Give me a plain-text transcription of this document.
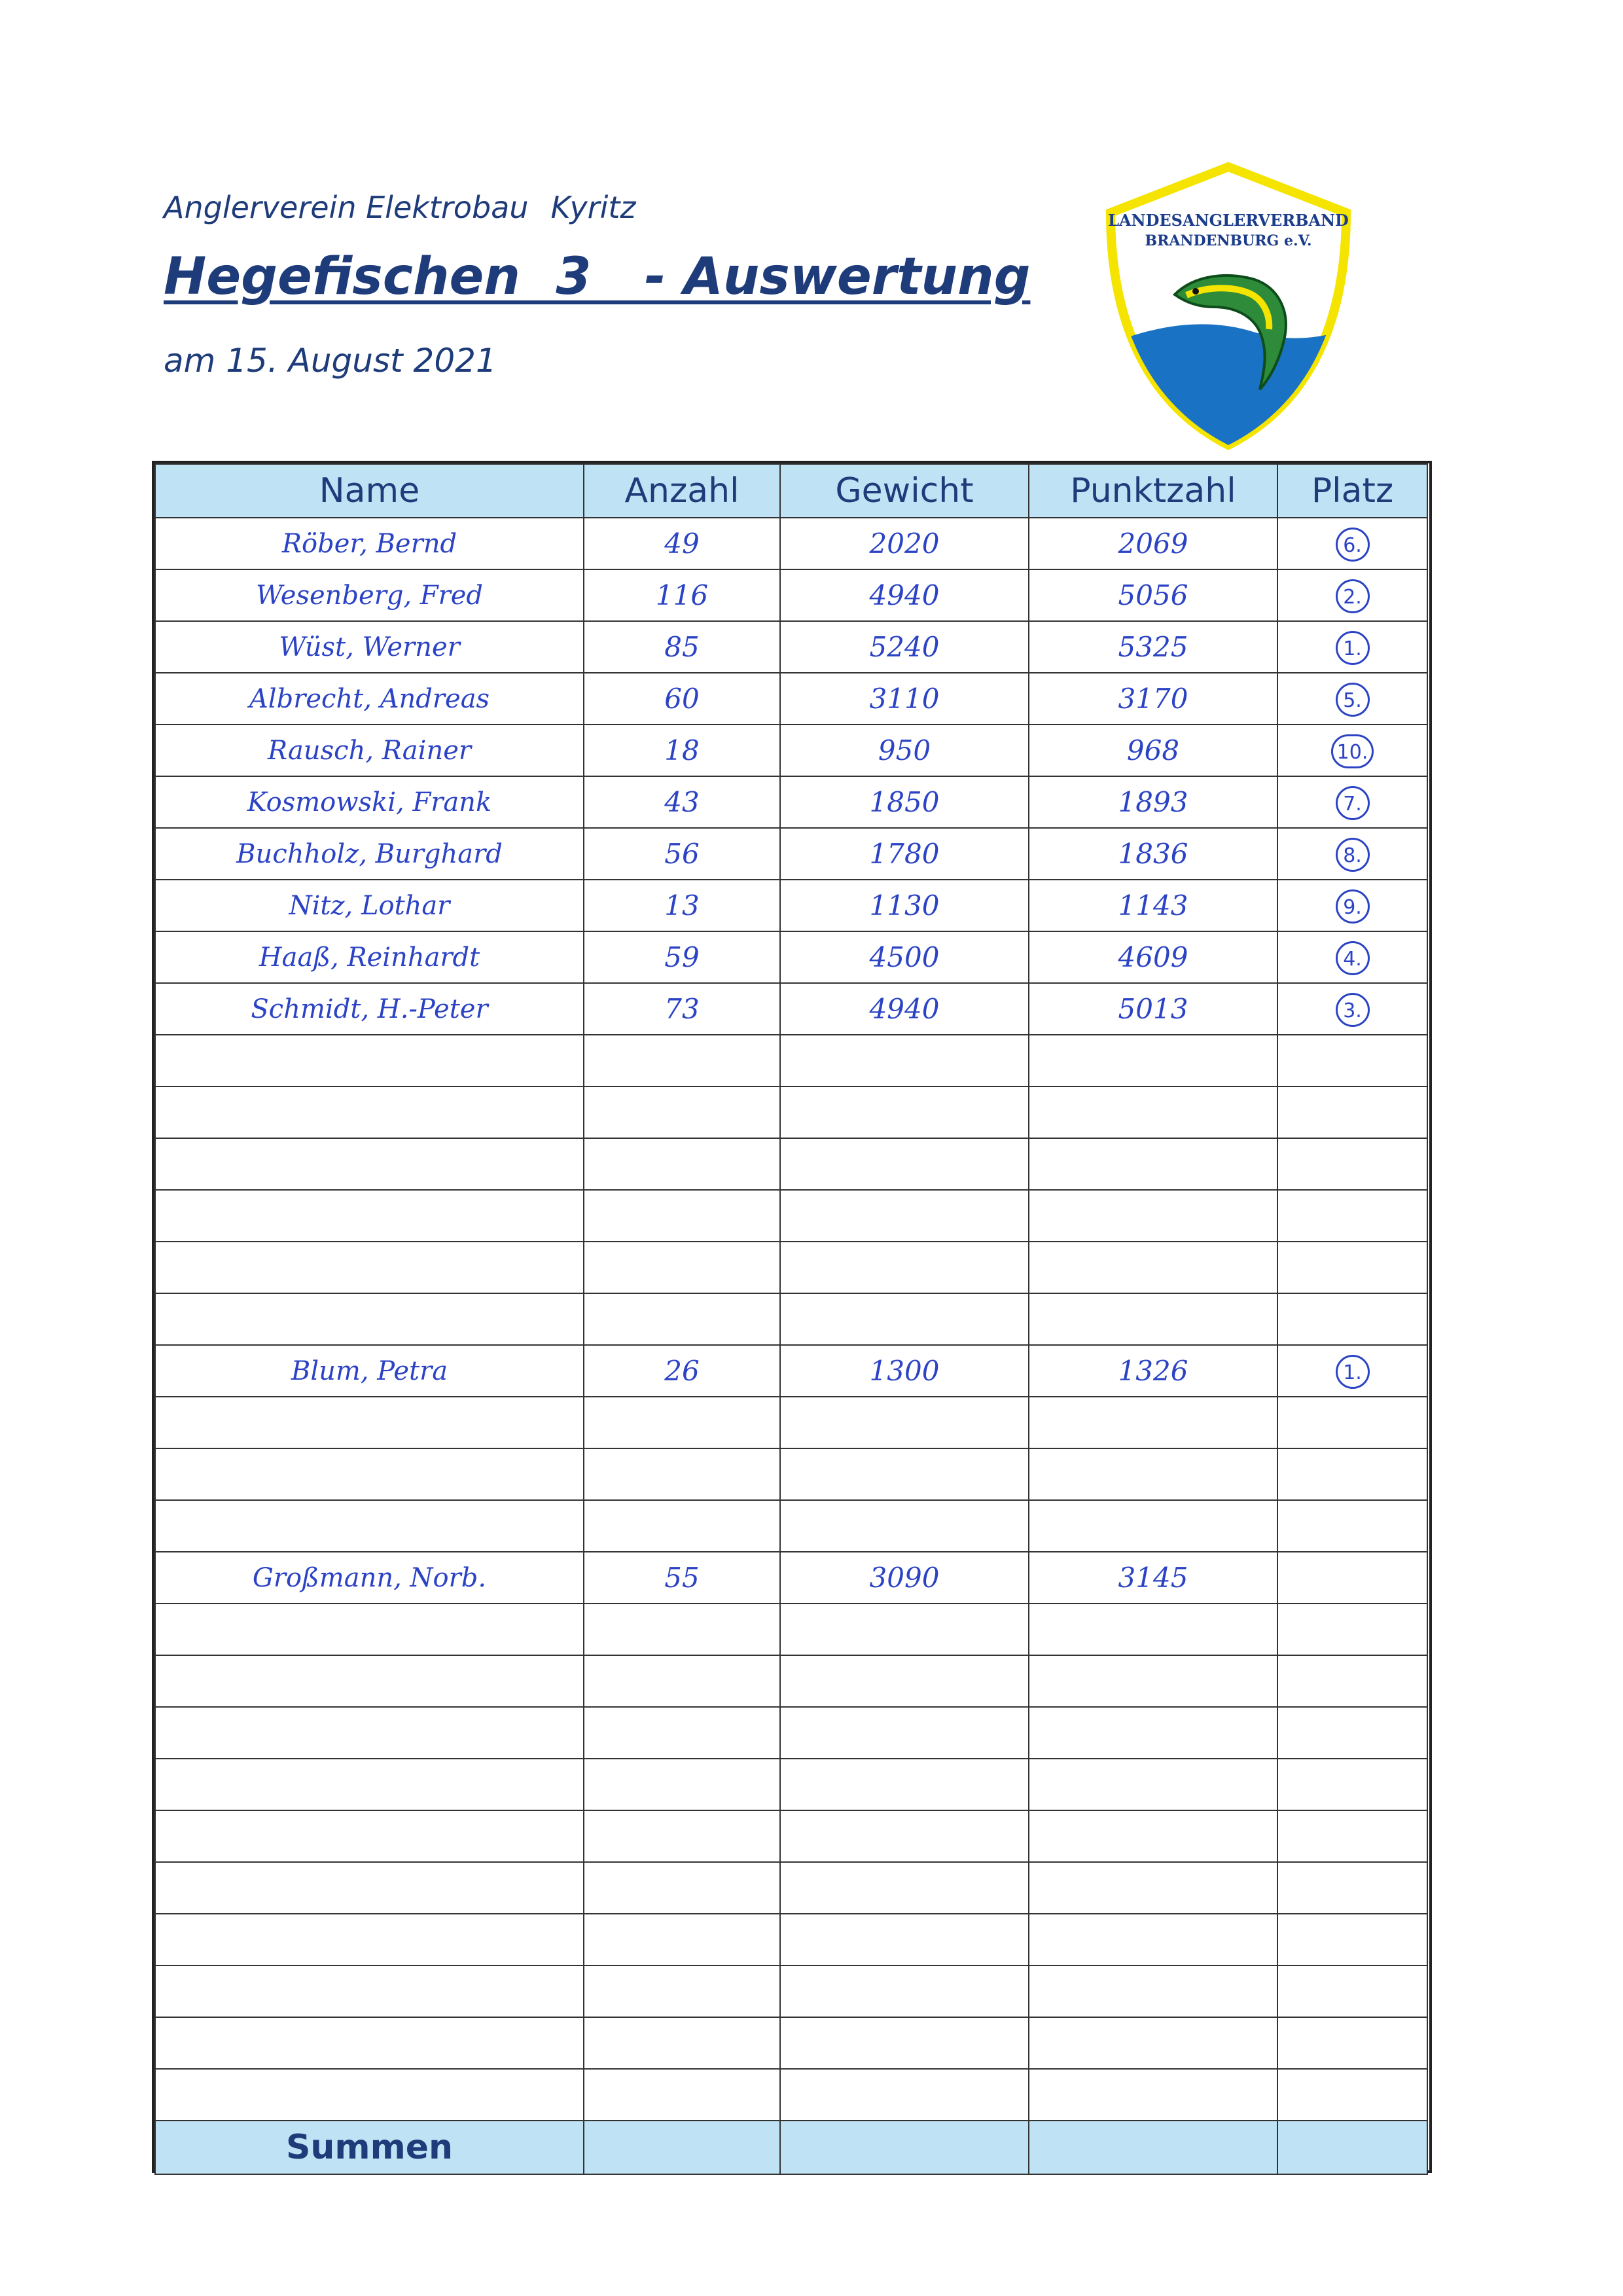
Anglerverein Elektrobau Kyritz
Hegefischen  3   - Auswertung
am 15. August 2021
LANDESANGLERVERBAND
BRANDENBURG e.V.
Name	Anzahl	Gewicht	Punktzahl	Platz
Röber, Bernd	49	2020	2069	6.
Wesenberg, Fred	116	4940	5056	2.
Wüst, Werner	85	5240	5325	1.
Albrecht, Andreas	60	3110	3170	5.
Rausch, Rainer	18	950	968	10.
Kosmowski, Frank	43	1850	1893	7.
Buchholz, Burghard	56	1780	1836	8.
Nitz, Lothar	13	1130	1143	9.
Haaß, Reinhardt	59	4500	4609	4.
Schmidt, H.-Peter	73	4940	5013	3.

Blum, Petra	26	1300	1326	1.

Großmann, Norb.	55	3090	3145	

Summen				
